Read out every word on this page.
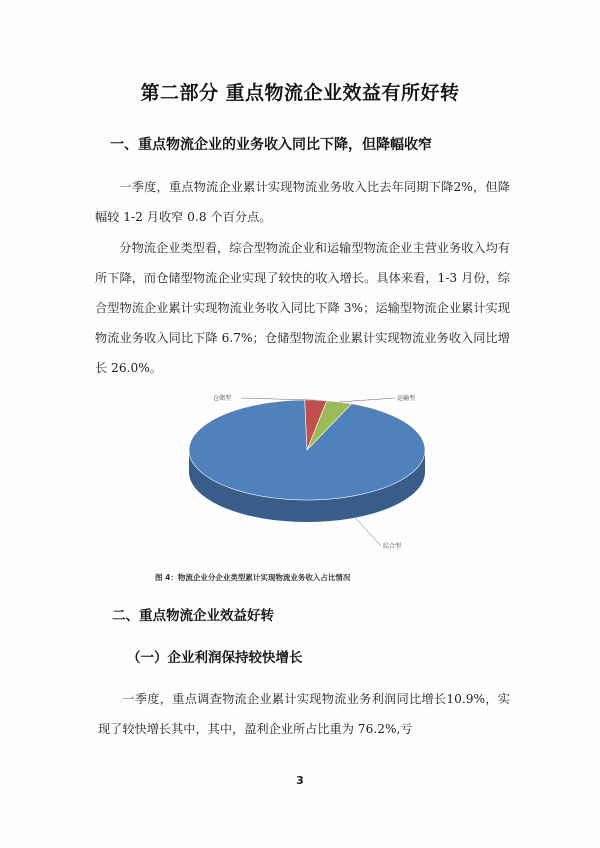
第二部分 重点物流企业效益有所好转
一、重点物流企业的业务收入同比下降，但降幅收窄

一季度，重点物流企业累计实现物流业务收入比去年同期下降2%，但降幅较 1-2 月收窄 0.8 个百分点。

分物流企业类型看，综合型物流企业和运输型物流企业主营业务收入均有所下降，而仓储型物流企业实现了较快的收入增长。具体来看，1-3 月份，综合型物流企业累计实现物流业务收入同比下降 3%；运输型物流企业累计实现物流业务收入同比下降 6.7%；仓储型物流企业累计实现物流业务收入同比增长 26.0%。

仓储型	运输型
综合型
图 4：物流企业分企业类型累计实现物流业务收入占比情况
二、重点物流企业效益好转
（一）企业利润保持较快增长

一季度，重点调查物流企业累计实现物流业务利润同比增长10.9%，实现了较快增长其中，其中，盈利企业所占比重为 76.2%,亏

3
